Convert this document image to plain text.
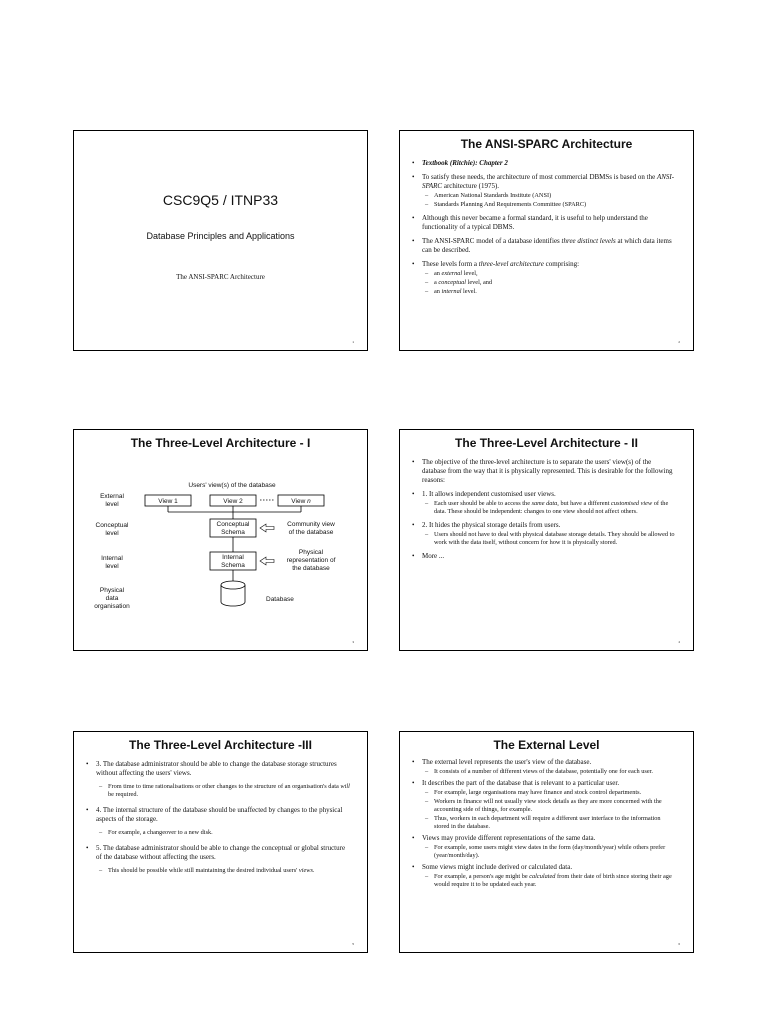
CSC9Q5 / ITNP33
Database Principles and Applications
The ANSI-SPARC Architecture
1
The ANSI-SPARC Architecture
• Textbook (Ritchie): Chapter 2
• To satisfy these needs, the architecture of most commercial DBMSs is based on the ANSI-SPARC architecture (1975).
– American National Standards Institute (ANSI)
– Standards Planning And Requirements Committee (SPARC)
• Although this never became a formal standard, it is useful to help understand the functionality of a typical DBMS.
• The ANSI-SPARC model of a database identifies three distinct levels at which data items can be described.
• These levels form a three-level architecture comprising:
– an external level,
– a conceptual level, and
– an internal level.
2
The Three-Level Architecture - I
Users' view(s) of the database
External level
Conceptual level
Internal level
Physical data organisation
View 1	View 2	View n
Conceptual Schema
Internal Schema
Database
Community view of the database
Physical representation of the database
3
The Three-Level Architecture - II
• The objective of the three-level architecture is to separate the users' view(s) of the database from the way that it is physically represented. This is desirable for the following reasons:
• 1. It allows independent customised user views.
– Each user should be able to access the same data, but have a different customised view of the data. These should be independent: changes to one view should not affect others.
• 2. It hides the physical storage details from users.
– Users should not have to deal with physical database storage details. They should be allowed to work with the data itself, without concern for how it is physically stored.
• More ...
4
The Three-Level Architecture -III
• 3. The database administrator should be able to change the database storage structures without affecting the users' views.
– From time to time rationalisations or other changes to the structure of an organisation's data will be required.
• 4. The internal structure of the database should be unaffected by changes to the physical aspects of the storage.
– For example, a changeover to a new disk.
• 5. The database administrator should be able to change the conceptual or global structure of the database without affecting the users.
– This should be possible while still maintaining the desired individual users' views.
5
The External Level
• The external level represents the user's view of the database.
– It consists of a number of different views of the database, potentially one for each user.
• It describes the part of the database that is relevant to a particular user.
– For example, large organisations may have finance and stock control departments.
– Workers in finance will not usually view stock details as they are more concerned with the accounting side of things, for example.
– Thus, workers in each department will require a different user interface to the information stored in the database.
• Views may provide different representations of the same data.
– For example, some users might view dates in the form (day/month/year) while others prefer (year/month/day).
• Some views might include derived or calculated data.
– For example, a person's age might be calculated from their date of birth since storing their age would require it to be updated each year.
6
